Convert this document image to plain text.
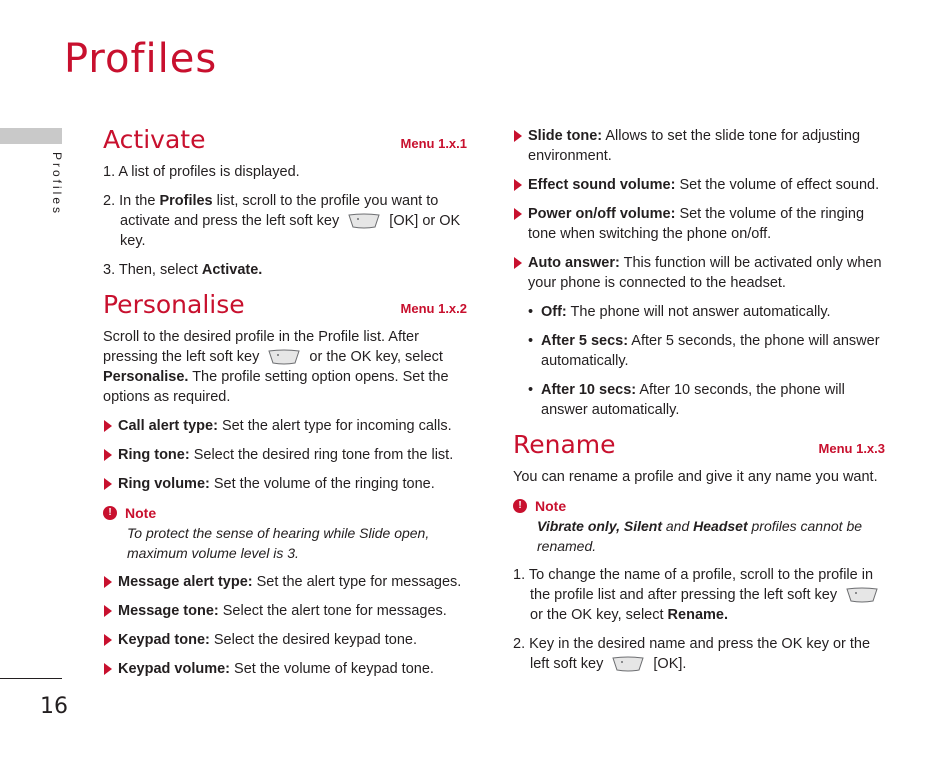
Profiles
Profiles
16
Activate	Menu 1.x.1
1. A list of profiles is displayed.
2. In the Profiles list, scroll to the profile you want to activate and press the left soft key	[OK] or OK key.
3. Then, select Activate.
Personalise	Menu 1.x.2
Scroll to the desired profile in the Profile list. After pressing the left soft key	or the OK key, select Personalise. The profile setting option opens. Set the options as required.
Call alert type: Set the alert type for incoming calls.
Ring tone: Select the desired ring tone from the list.
Ring volume: Set the volume of the ringing tone.
! Note
To protect the sense of hearing while Slide open, maximum volume level is 3.
Message alert type: Set the alert type for messages.
Message tone: Select the alert tone for messages.
Keypad tone: Select the desired keypad tone.
Keypad volume: Set the volume of keypad tone.
Slide tone: Allows to set the slide tone for adjusting environment.
Effect sound volume: Set the volume of effect sound.
Power on/off volume: Set the volume of the ringing tone when switching the phone on/off.
Auto answer: This function will be activated only when your phone is connected to the headset.
• Off: The phone will not answer automatically.
• After 5 secs: After 5 seconds, the phone will answer automatically.
• After 10 secs: After 10 seconds, the phone will answer automatically.
Rename	Menu 1.x.3
You can rename a profile and give it any name you want.
! Note
Vibrate only, Silent and Headset profiles cannot be renamed.
1. To change the name of a profile, scroll to the profile in the profile list and after pressing the left soft key
or the OK key, select Rename.
2. Key in the desired name and press the OK key or the left soft key	[OK].
